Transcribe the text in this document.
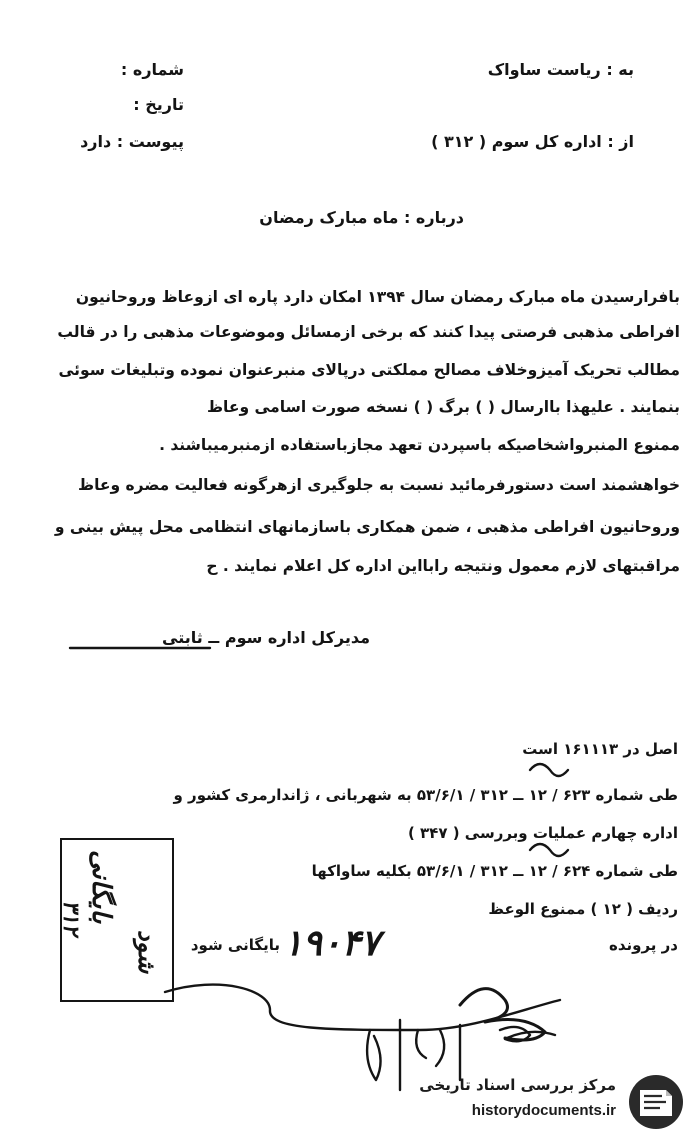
به : ریاست ساواک
از : اداره کل سوم ( ۳۱۲ )
شماره :
تاریخ :
پیوست : دارد
درباره : ماه مبارک رمضان
بافرارسیدن ماه مبارک رمضان سال ۱۳۹۴ امکان دارد پاره ای ازوعاظ وروحانیون
افراطی مذهبی فرصتی پیدا کنند که برخی ازمسائل وموضوعات مذهبی را در قالب
مطالب تحریک آمیزوخلاف مصالح مملکتی درپالای منبرعنوان نموده وتبلیغات سوئی
بنمایند . علیهذا باارسال ( ) برگ ( ) نسخه صورت اسامی وعاظ
ممنوع المنبرواشخاصیکه باسپردن تعهد مجازباستفاده ازمنبرمیباشند .
خواهشمند است دستورفرمائید نسبت به جلوگیری ازهرگونه فعالیت مضره وعاظ
وروحانیون افراطی مذهبی ، ضمن همکاری باسازمانهای انتظامی محل پیش بینی و
مراقبتهای لازم معمول ونتیجه رابااین اداره کل اعلام نمایند . ح
مدیرکل اداره سوم ــ ثابتی
اصل در ۱۶۱۱۱۳ است
طی شماره ۶۲۳ / ۱۲ ــ ۳۱۲ / ۵۳/۶/۱ به شهربانی ، ژاندارمری کشور و
اداره چهارم عملیات وبررسی ( ۳۴۷ )
طی شماره ۶۲۴ / ۱۲ ــ ۳۱۲ / ۵۳/۶/۱ بکلیه ساواکها
ردیف ( ۱۲ ) ممنوع الوعظ
در پرونده
۱۹۰۴۷
بایگانی شود
بایگانی
شود
۳۱۲
مرکز بررسی اسناد تاریخی
historydocuments.ir
